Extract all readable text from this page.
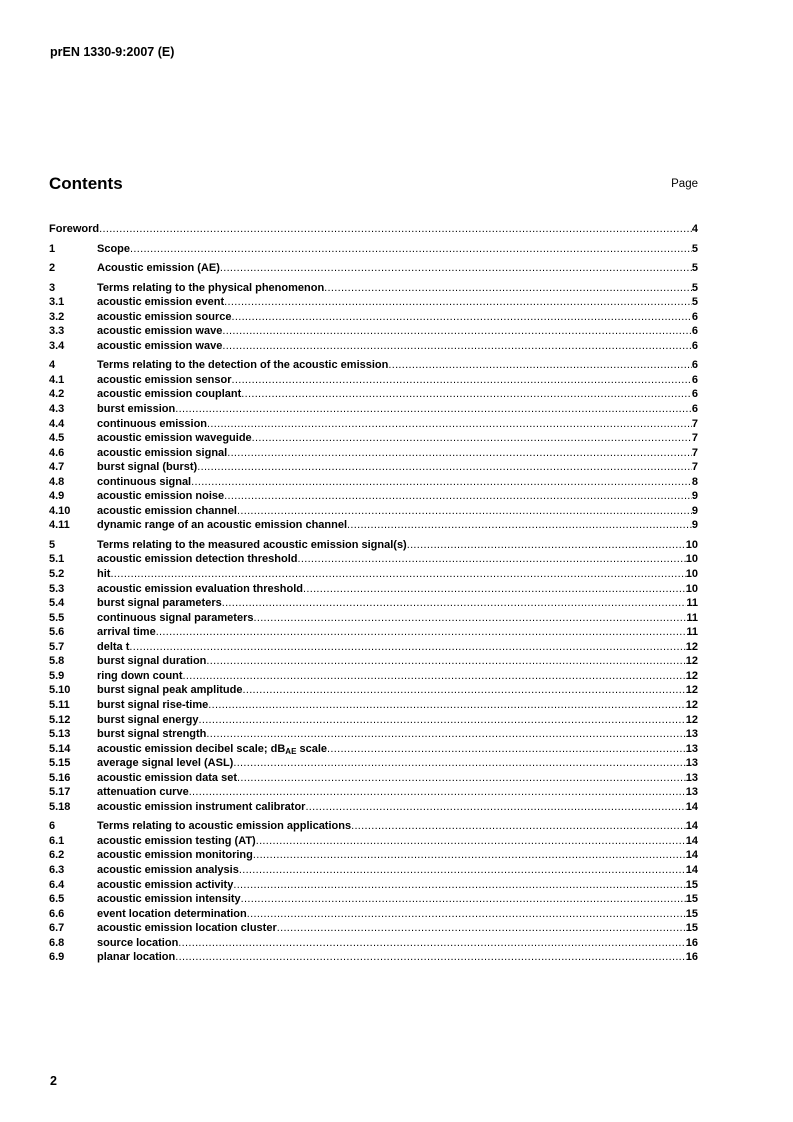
prEN 1330-9:2007 (E)
Contents	Page
Foreword .....	4
1	Scope .....	5
2	Acoustic emission (AE) .....	5
3	Terms relating to the physical phenomenon .....	5
3.1	acoustic emission event .....	5
3.2	acoustic emission source .....	6
3.3	acoustic emission wave .....	6
3.4	acoustic emission wave .....	6
4	Terms relating to the detection of the acoustic emission .....	6
4.1	acoustic emission sensor .....	6
4.2	acoustic emission couplant .....	6
4.3	burst emission .....	6
4.4	continuous emission .....	7
4.5	acoustic emission waveguide .....	7
4.6	acoustic emission signal .....	7
4.7	burst signal (burst) .....	7
4.8	continuous signal .....	8
4.9	acoustic emission noise .....	9
4.10	acoustic emission channel .....	9
4.11	dynamic range of an acoustic emission channel .....	9
5	Terms relating to the measured acoustic emission signal(s) .....	10
5.1	acoustic emission detection threshold .....	10
5.2	hit .....	10
5.3	acoustic emission evaluation threshold .....	10
5.4	burst signal parameters .....	11
5.5	continuous signal parameters .....	11
5.6	arrival time .....	11
5.7	delta t .....	12
5.8	burst signal duration .....	12
5.9	ring down count .....	12
5.10	burst signal peak amplitude .....	12
5.11	burst signal rise-time .....	12
5.12	burst signal energy .....	12
5.13	burst signal strength .....	13
5.14	acoustic emission decibel scale; $dB_{AE}$ scale .....	13
5.15	average signal level (ASL) .....	13
5.16	acoustic emission data set .....	13
5.17	attenuation curve .....	13
5.18	acoustic emission instrument calibrator .....	14
6	Terms relating to acoustic emission applications .....	14
6.1	acoustic emission testing (AT) .....	14
6.2	acoustic emission monitoring .....	14
6.3	acoustic emission analysis .....	14
6.4	acoustic emission activity .....	15
6.5	acoustic emission intensity .....	15
6.6	event location determination .....	15
6.7	acoustic emission location cluster .....	15
6.8	source location .....	16
6.9	planar location .....	16
2
